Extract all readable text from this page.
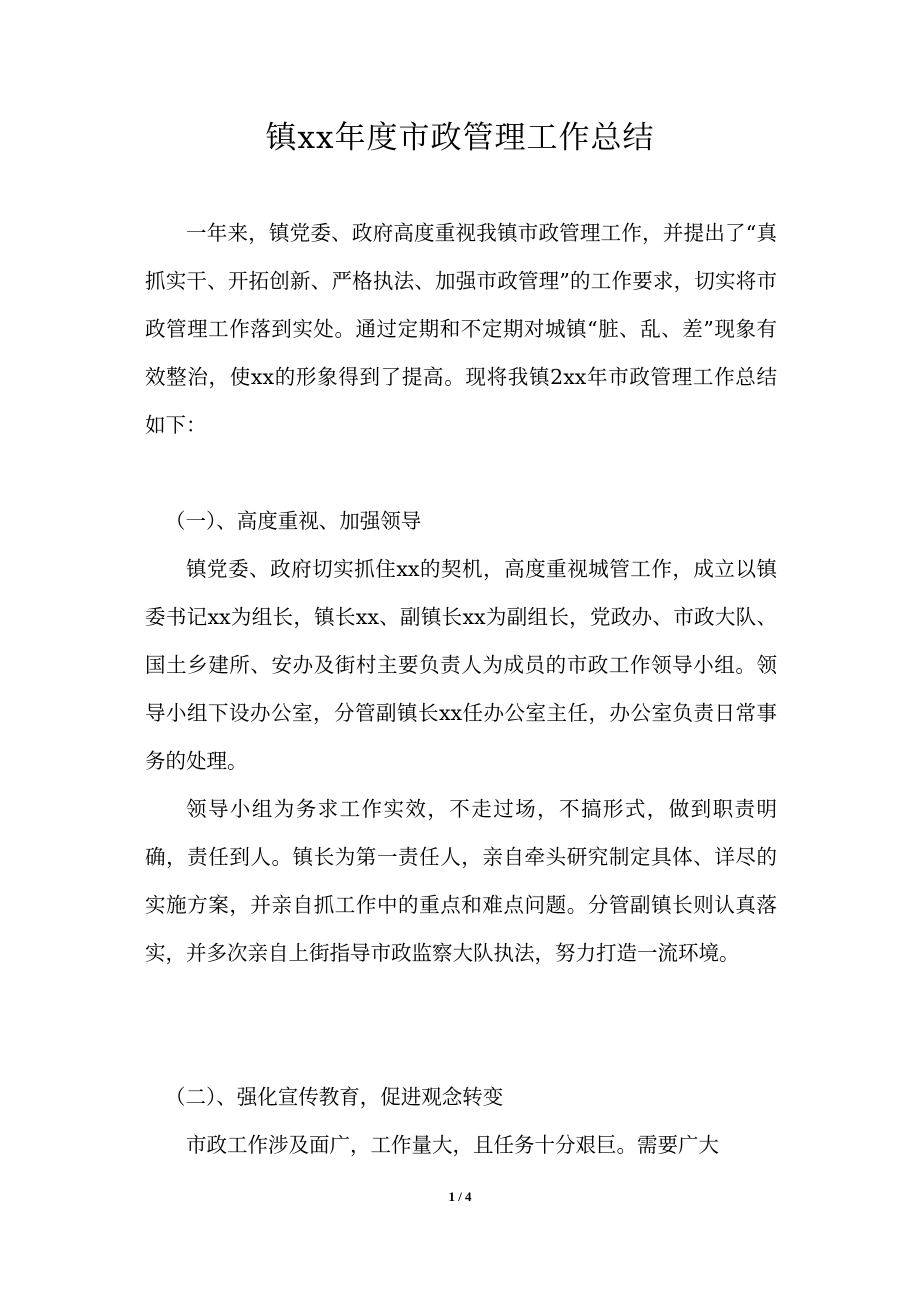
镇xx年度市政管理工作总结

一年来，镇党委、政府高度重视我镇市政管理工作，并提出了“真抓实干、开拓创新、严格执法、加强市政管理”的工作要求，切实将市政管理工作落到实处。通过定期和不定期对城镇“脏、乱、差”现象有效整治，使xx的形象得到了提高。现将我镇2xx年市政管理工作总结如下：

（一）、高度重视、加强领导

镇党委、政府切实抓住xx的契机，高度重视城管工作，成立以镇委书记xx为组长，镇长xx、副镇长xx为副组长，党政办、市政大队、国土乡建所、安办及街村主要负责人为成员的市政工作领导小组。领导小组下设办公室，分管副镇长xx任办公室主任，办公室负责日常事务的处理。

领导小组为务求工作实效，不走过场，不搞形式，做到职责明确，责任到人。镇长为第一责任人，亲自牵头研究制定具体、详尽的实施方案，并亲自抓工作中的重点和难点问题。分管副镇长则认真落实，并多次亲自上街指导市政监察大队执法，努力打造一流环境。

（二）、强化宣传教育，促进观念转变

市政工作涉及面广，工作量大，且任务十分艰巨。需要广大

1 / 4
